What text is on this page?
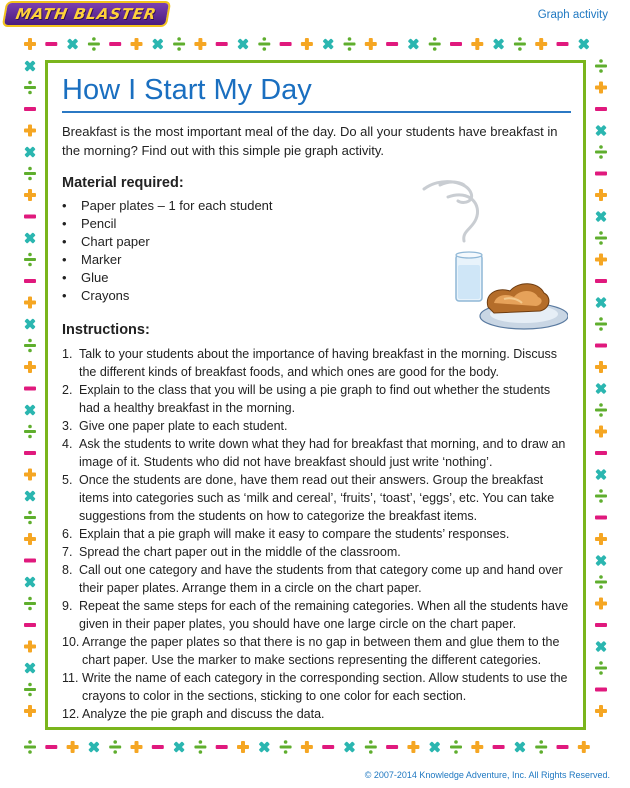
MATH BLASTER	Graph activity
How I Start My Day

Breakfast is the most important meal of the day. Do all your students have breakfast in the morning? Find out with this simple pie graph activity.

Material required:
• Paper plates – 1 for each student
• Pencil
• Chart paper
• Marker
• Glue
• Crayons
Instructions:
1. Talk to your students about the importance of having breakfast in the morning. Discuss the different kinds of breakfast foods, and which ones are good for the body.
2. Explain to the class that you will be using a pie graph to find out whether the students had a healthy breakfast in the morning.
3. Give one paper plate to each student.
4. Ask the students to write down what they had for breakfast that morning, and to draw an image of it. Students who did not have breakfast should just write ‘nothing’.
5. Once the students are done, have them read out their answers. Group the breakfast items into categories such as ‘milk and cereal’, ‘fruits’, ‘toast’, ‘eggs’, etc. You can take suggestions from the students on how to categorize the breakfast items.
6. Explain that a pie graph will make it easy to compare the students’ responses.
7. Spread the chart paper out in the middle of the classroom.
8. Call out one category and have the students from that category come up and hand over their paper plates. Arrange them in a circle on the chart paper.
9. Repeat the same steps for each of the remaining categories. When all the students have given in their paper plates, you should have one large circle on the chart paper.
10. Arrange the paper plates so that there is no gap in between them and glue them to the chart paper. Use the marker to make sections representing the different categories.
11. Write the name of each category in the corresponding section. Allow students to use the crayons to color in the sections, sticking to one color for each section.
12. Analyze the pie graph and discuss the data.
© 2007-2014 Knowledge Adventure, Inc. All Rights Reserved.
